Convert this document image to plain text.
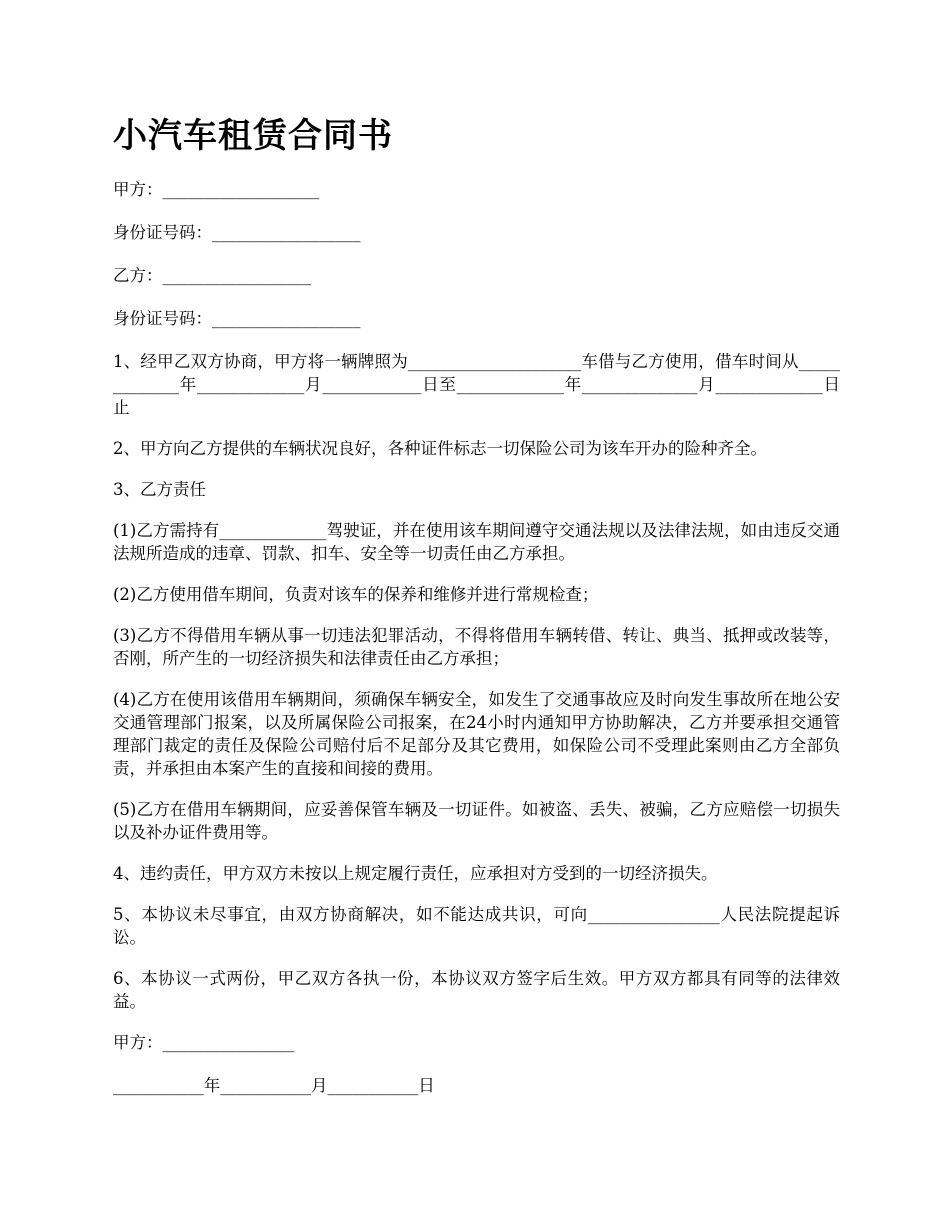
小汽车租赁合同书

甲方：___________________

身份证号码：__________________

乙方：__________________

身份证号码：__________________

1、经甲乙双方协商，甲方将一辆牌照为_____________________车借与乙方使用，借车时间从_____________年_____________月____________日至_____________年______________月_____________日止

2、甲方向乙方提供的车辆状况良好，各种证件标志一切保险公司为该车开办的险种齐全。

3、乙方责任

(1)乙方需持有_____________驾驶证，并在使用该车期间遵守交通法规以及法律法规，如由违反交通法规所造成的违章、罚款、扣车、安全等一切责任由乙方承担。

(2)乙方使用借车期间，负责对该车的保养和维修并进行常规检查；

(3)乙方不得借用车辆从事一切违法犯罪活动，不得将借用车辆转借、转让、典当、抵押或改装等，否刚，所产生的一切经济损失和法律责任由乙方承担；

(4)乙方在使用该借用车辆期间，须确保车辆安全，如发生了交通事故应及时向发生事故所在地公安交通管理部门报案，以及所属保险公司报案，在24小时内通知甲方协助解决，乙方并要承担交通管理部门裁定的责任及保险公司赔付后不足部分及其它费用，如保险公司不受理此案则由乙方全部负责，并承担由本案产生的直接和间接的费用。

(5)乙方在借用车辆期间，应妥善保管车辆及一切证件。如被盗、丢失、被骗，乙方应赔偿一切损失以及补办证件费用等。

4、违约责任，甲方双方未按以上规定履行责任，应承担对方受到的一切经济损失。

5、本协议未尽事宜，由双方协商解决，如不能达成共识，可向________________人民法院提起诉讼。

6、本协议一式两份，甲乙双方各执一份，本协议双方签字后生效。甲方双方都具有同等的法律效益。

甲方：________________

___________年___________月___________日
